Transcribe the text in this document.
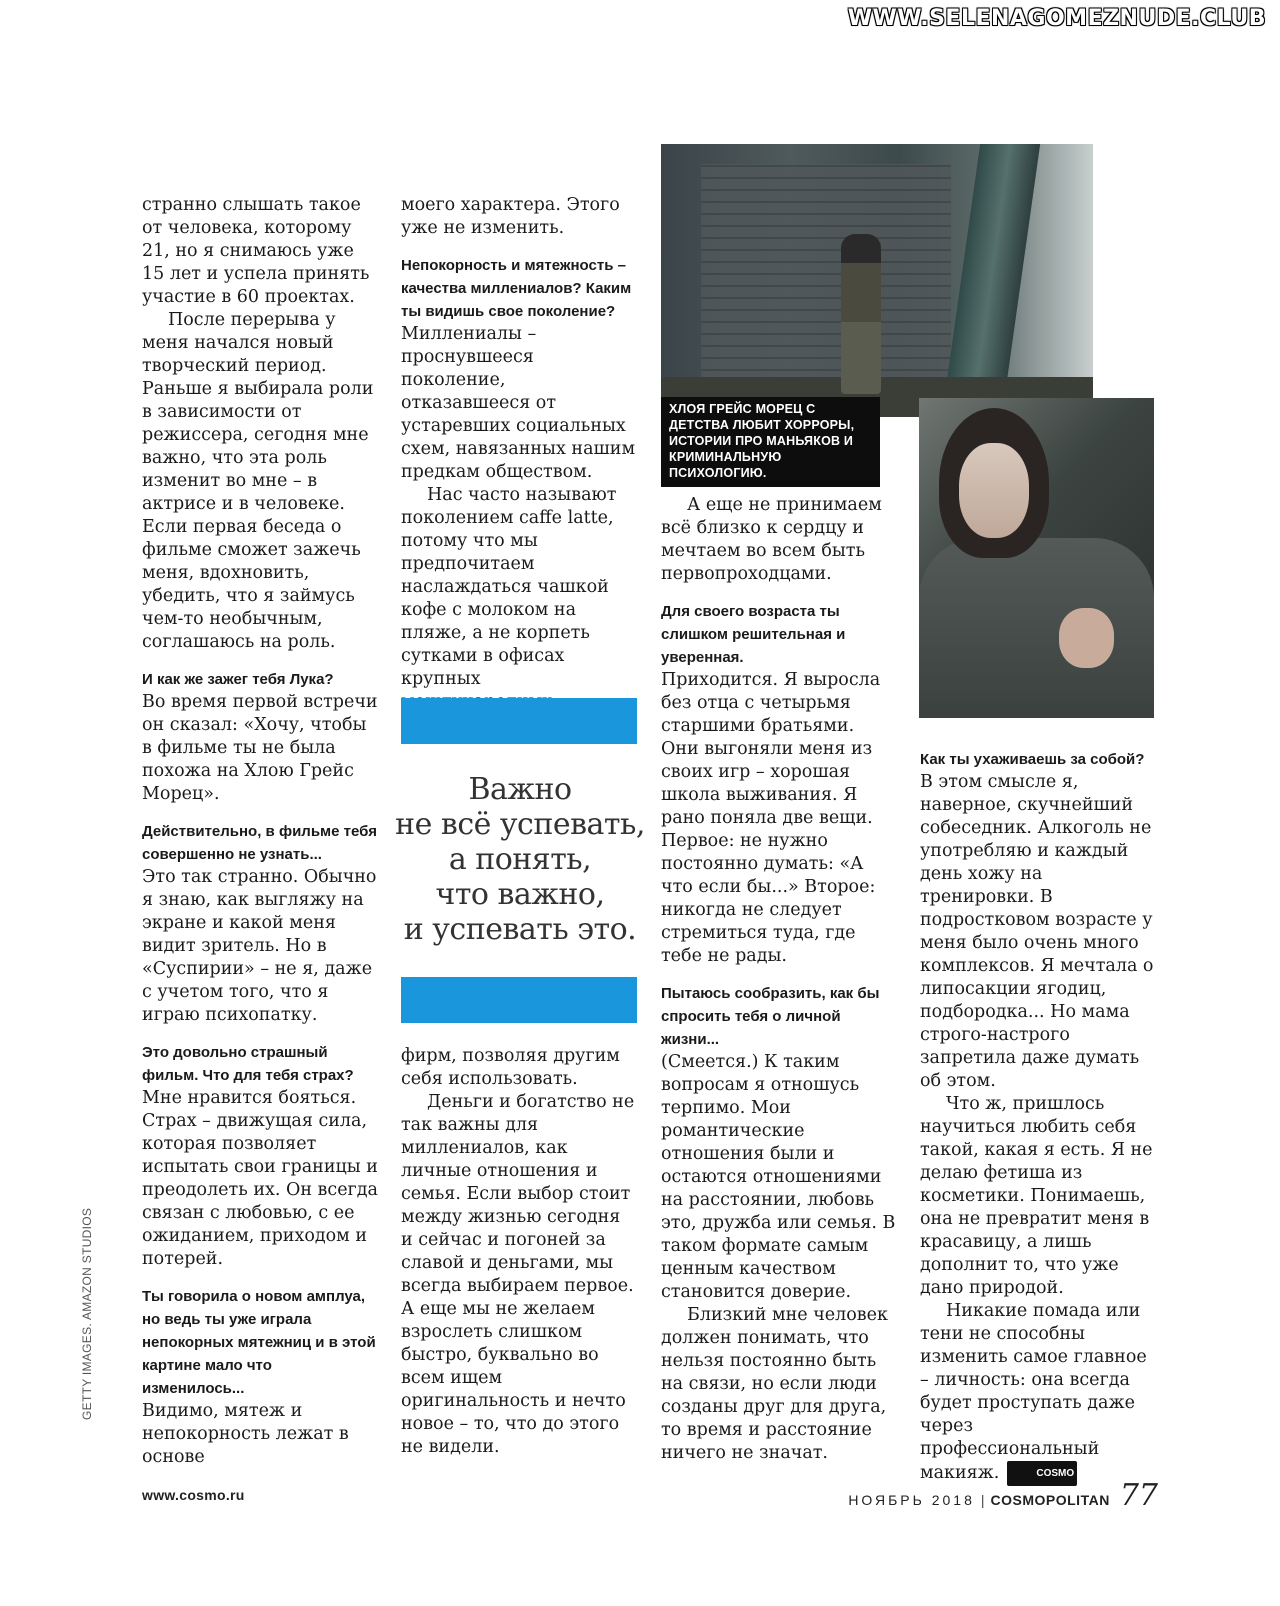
WWW.SELENAGOMEZNUDE.CLUB

странно слышать такое от человека, которому 21, но я снимаюсь уже 15 лет и успела принять участие в 60 проектах.

После перерыва у меня начался новый творческий период. Раньше я выбирала роли в зависимости от режиссера, сегодня мне важно, что эта роль изменит во мне – в актрисе и в человеке. Если первая беседа о фильме сможет зажечь меня, вдохновить, убедить, что я займусь чем-то необычным, соглашаюсь на роль.

И как же зажег тебя Лука?

Во время первой встречи он сказал: «Хочу, чтобы в фильме ты не была похожа на Хлою Грейс Морец».

Действительно, в фильме тебя совершенно не узнать...

Это так странно. Обычно я знаю, как выгляжу на экране и какой меня видит зритель. Но в «Суспирии» – не я, даже с учетом того, что я играю психопатку.

Это довольно страшный фильм. Что для тебя страх?

Мне нравится бояться. Страх – движущая сила, которая позволяет испытать свои границы и преодолеть их. Он всегда связан с любовью, с ее ожиданием, приходом и потерей.

Ты говорила о новом амплуа, но ведь ты уже играла непокорных мятежниц и в этой картине мало что изменилось...

Видимо, мятеж и непокорность лежат в основе

моего характера. Этого уже не изменить.

Непокорность и мятежность – качества миллениалов? Каким ты видишь свое поколение?

Миллениалы – проснувшееся поколение, отказавшееся от устаревших социальных схем, навязанных нашим предкам обществом.

Нас часто называют поколением caffe latte, потому что мы предпочитаем наслаждаться чашкой кофе с молоком на пляже, а не корпеть сутками в офисах крупных

Важно
не всё успевать,
а понять,
что важно,
и успевать это.

фирм, позволяя другим себя использовать.

Деньги и богатство не так важны для миллениалов, как личные отношения и семья. Если выбор стоит между жизнью сегодня и сейчас и погоней за славой и деньгами, мы всегда выбираем первое. А еще мы не желаем взрослеть слишком быстро, буквально во всем ищем оригинальность и нечто новое – то, что до этого не видели.

ХЛОЯ ГРЕЙС МОРЕЦ С ДЕТСТВА ЛЮБИТ ХОРРОРЫ, ИСТОРИИ ПРО МАНЬЯКОВ И КРИМИНАЛЬНУЮ ПСИХОЛОГИЮ.

А еще не принимаем всё близко к сердцу и мечтаем во всем быть первопроходцами.

Для своего возраста ты слишком решительная и уверенная.

Приходится. Я выросла без отца с четырьмя старшими братьями. Они выгоняли меня из своих игр – хорошая школа выживания. Я рано поняла две вещи. Первое: не нужно постоянно думать: «А что если бы...» Второе: никогда не следует стремиться туда, где тебе не рады.

Пытаюсь сообразить, как бы спросить тебя о личной жизни...

(Смеется.) К таким вопросам я отношусь терпимо. Мои романтические отношения были и остаются отношениями на расстоянии, любовь это, дружба или семья. В таком формате самым ценным качеством становится доверие.

Близкий мне человек должен понимать, что нельзя постоянно быть на связи, но если люди созданы друг для друга, то время и расстояние ничего не значат.

Как ты ухаживаешь за собой?

В этом смысле я, наверное, скучнейший собеседник. Алкоголь не употребляю и каждый день хожу на тренировки. В подростковом возрасте у меня было очень много комплексов. Я мечтала о липосакции ягодиц, подбородка... Но мама строго-настрого запретила даже думать об этом.

Что ж, пришлось научиться любить себя такой, какая я есть. Я не делаю фетиша из косметики. Понимаешь, она не превратит меня в красавицу, а лишь дополнит то, что уже дано природой.

Никакие помада или тени не способны изменить самое главное – личность: она всегда будет проступать даже через профессиональный макияж.	COSMO

GETTY IMAGES. AMAZON STUDIOS
www.cosmo.ru	НОЯБРЬ 2018 | COSMOPOLITAN 77
